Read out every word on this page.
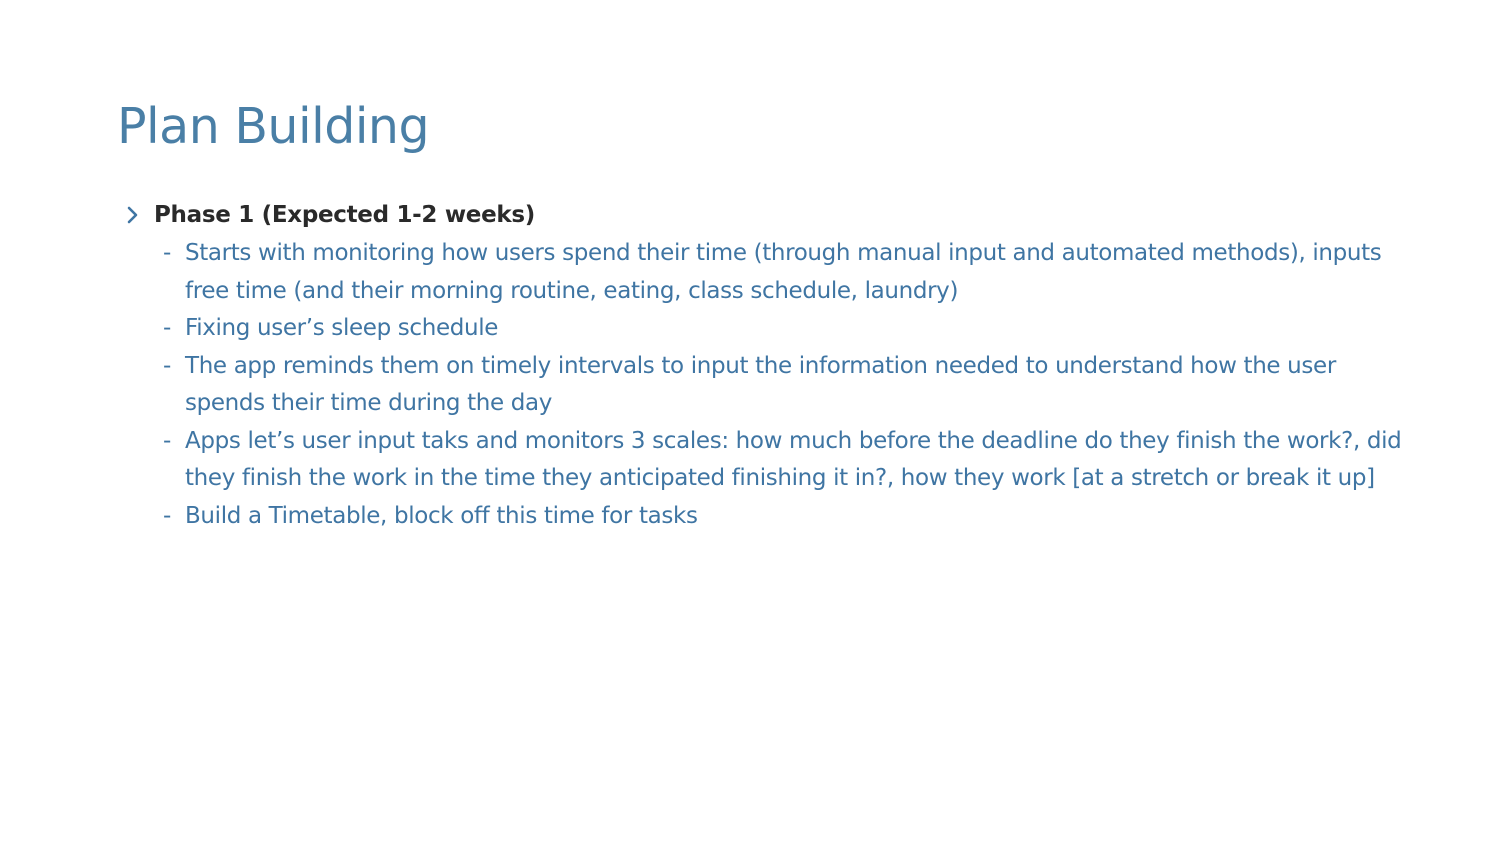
Plan Building
Phase 1 (Expected 1-2 weeks)
- Starts with monitoring how users spend their time (through manual input and automated methods), inputs free time (and their morning routine, eating, class schedule, laundry)
- Fixing user’s sleep schedule
- The app reminds them on timely intervals to input the information needed to understand how the user spends their time during the day
- Apps let’s user input taks and monitors 3 scales: how much before the deadline do they finish the work?, did they finish the work in the time they anticipated finishing it in?, how they work [at a stretch or break it up]
- Build a Timetable, block off this time for tasks
